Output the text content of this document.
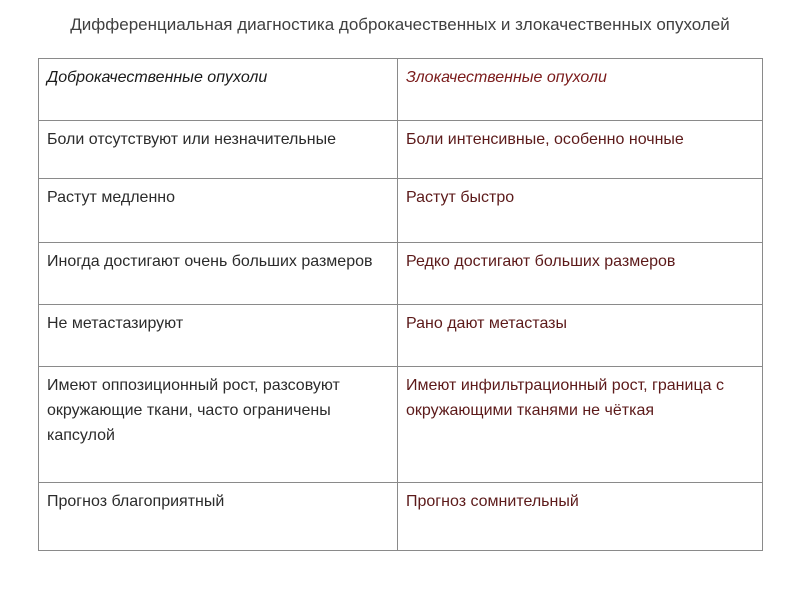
Дифференциальная диагностика доброкачественных и злокачественных опухолей
Доброкачественные опухоли	Злокачественные опухоли
Боли отсутствуют или незначительные	Боли интенсивные, особенно ночные
Растут медленно	Растут быстро
Иногда достигают очень больших размеров	Редко достигают больших размеров
Не метастазируют	Рано дают метастазы
Имеют оппозиционный рост, разсовуют окружающие ткани, часто ограничены капсулой	Имеют инфильтрационный рост, граница с окружающими тканями не чёткая
Прогноз благоприятный	Прогноз сомнительный
